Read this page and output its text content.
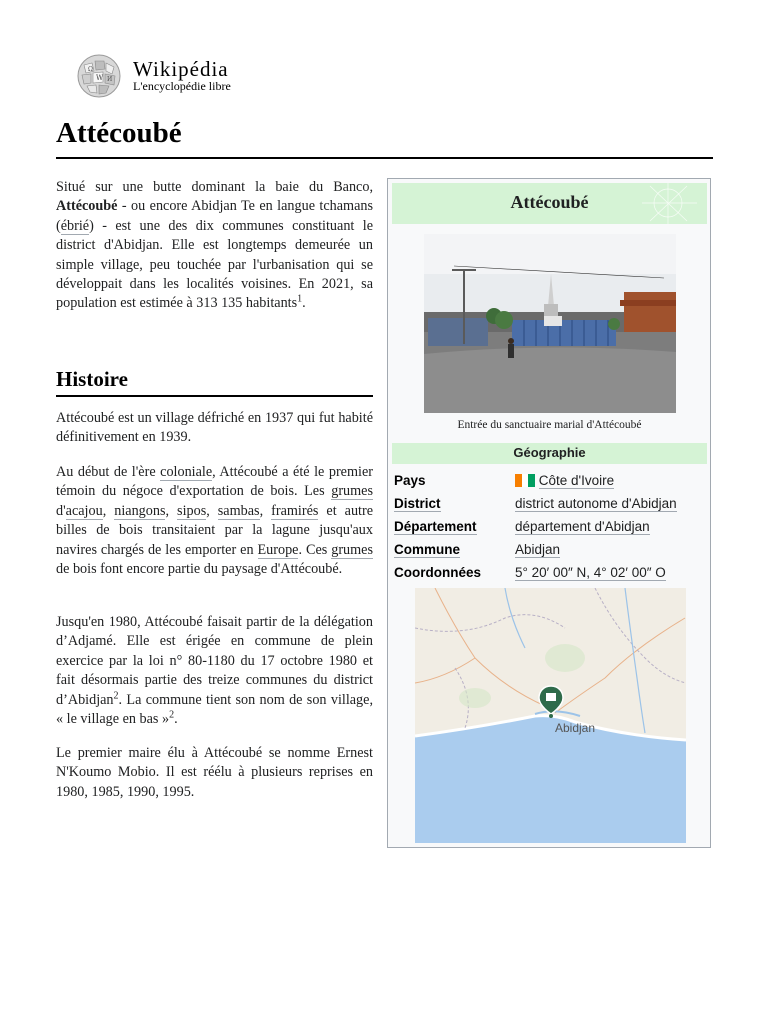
Ω
W И Wikipédia
L'encyclopédie libre
Attécoubé

Situé sur une butte dominant la baie du Banco, Attécoubé - ou encore Abidjan Te en langue tchamans (ébrié) - est une des dix communes constituant le district d'Abidjan. Elle est longtemps demeurée un simple village, peu touchée par l'urbanisation qui se développait dans les localités voisines. En 2021, sa population est estimée à 313 135 habitants$^1$.

Histoire

Attécoubé est un village défriché en 1937 qui fut habité définitivement en 1939.

Au début de l'ère coloniale, Attécoubé a été le premier témoin du négoce d'exportation de bois. Les grumes d'acajou, niangons, sipos, sambas, framirés et autre billes de bois transitaient par la lagune jusqu'aux navires chargés de les emporter en Europe. Ces grumes de bois font encore partie du paysage d'Attécoubé.

Jusqu'en 1980, Attécoubé faisait partir de la délégation d’Adjamé. Elle est érigée en commune de plein exercice par la loi n° 80-1180 du 17 octobre 1980 et fait désormais partie des treize communes du district d’Abidjan$^2$. La commune tient son nom de son village, « le village en bas »$^2$.

Le premier maire élu à Attécoubé se nomme Ernest N'Koumo Mobio. Il est réélu à plusieurs reprises en 1980, 1985, 1990, 1995.

Attécoubé
Entrée du sanctuaire marial d'Attécoubé
Géographie
Pays	Côte d'Ivoire
District	district autonome d'Abidjan
Département	département d'Abidjan
Commune	Abidjan
Coordonnées	5° 20′ 00″ N, 4° 02′ 00″ O
Abidjan
